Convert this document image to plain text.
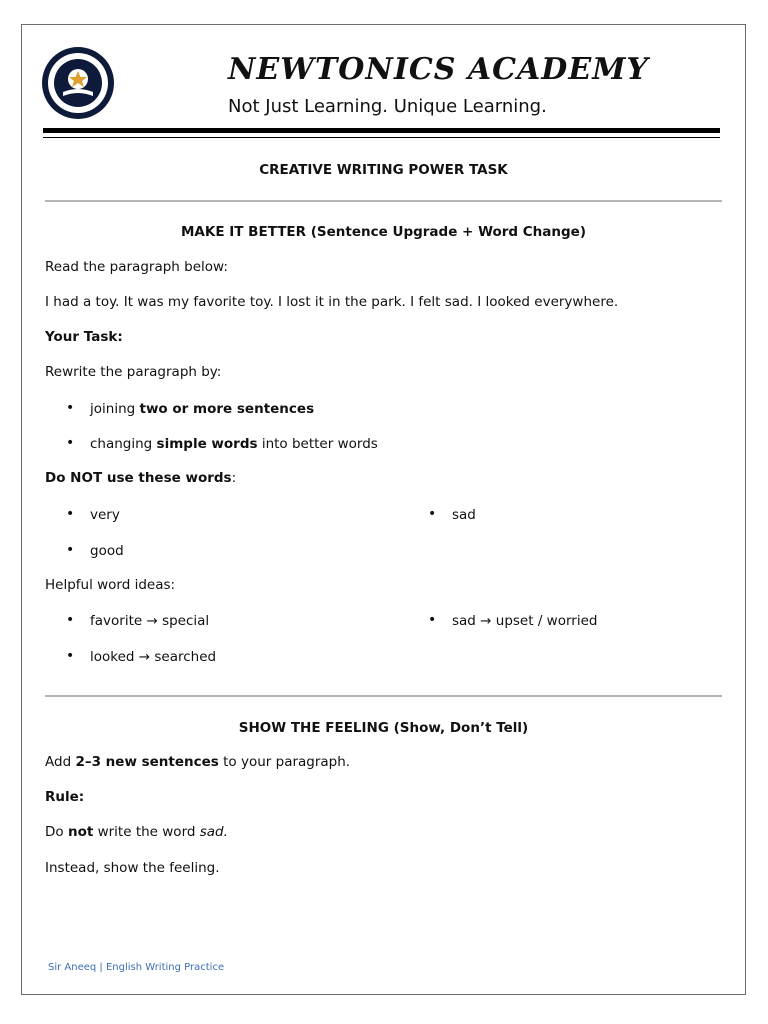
NEWTONICS ACADEMY
Not Just Learning. Unique Learning.
CREATIVE WRITING POWER TASK
MAKE IT BETTER (Sentence Upgrade + Word Change)
Read the paragraph below:
I had a toy. It was my favorite toy. I lost it in the park. I felt sad. I looked everywhere.
Your Task:
Rewrite the paragraph by:
• joining two or more sentences
• changing simple words into better words
Do NOT use these words:
• very	• sad
• good
Helpful word ideas:
• favorite → special	• sad → upset / worried
• looked → searched
SHOW THE FEELING (Show, Don’t Tell)
Add 2–3 new sentences to your paragraph.
Rule:
Do not write the word sad.
Instead, show the feeling.
Sir Aneeq | English Writing Practice
